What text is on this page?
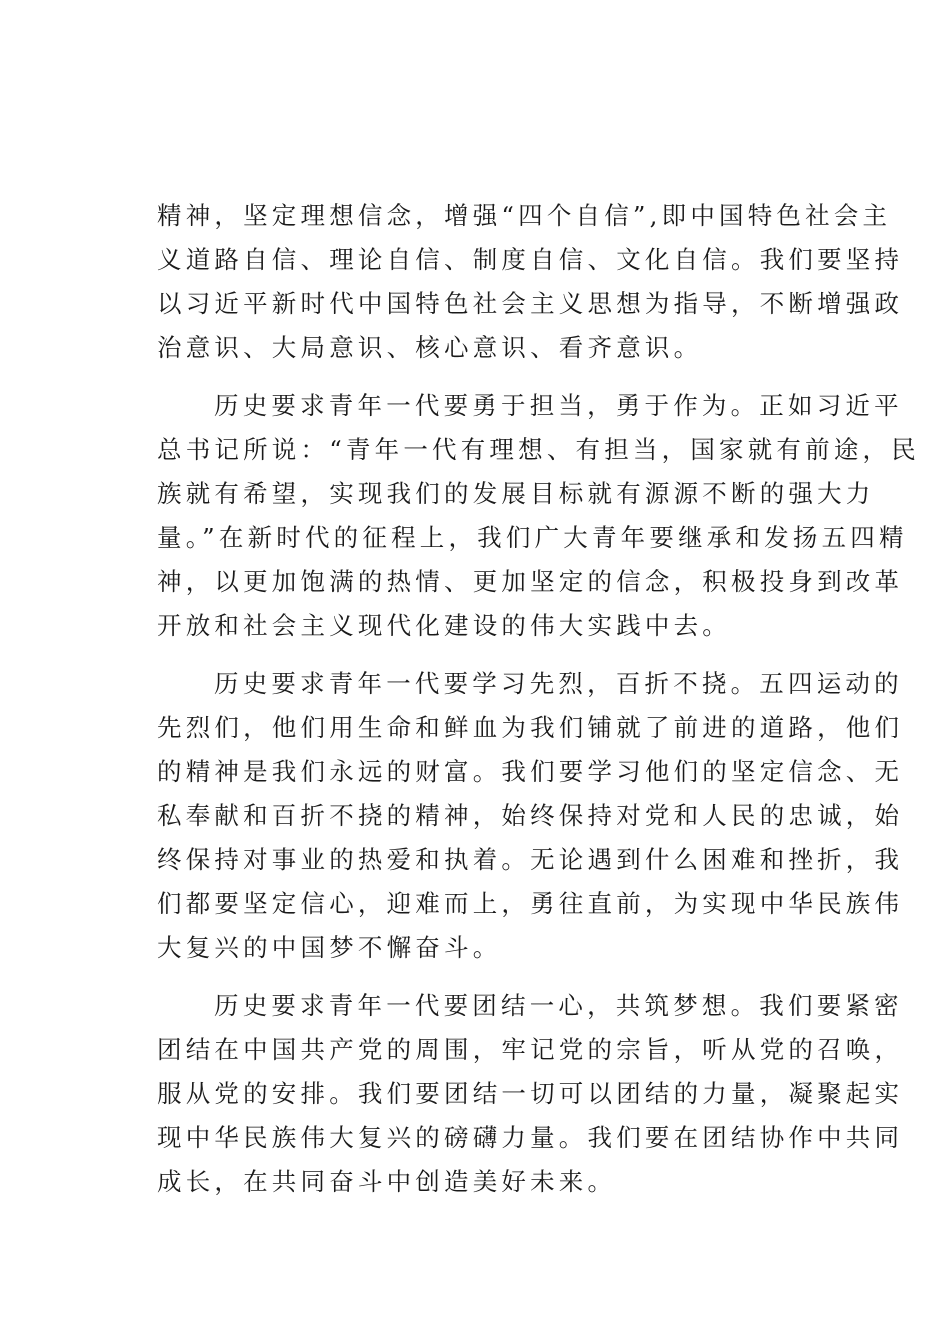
精神，坚定理想信念，增强“四个自信”,即中国特色社会主
义道路自信、理论自信、制度自信、文化自信。我们要坚持
以习近平新时代中国特色社会主义思想为指导，不断增强政
治意识、大局意识、核心意识、看齐意识。
历史要求青年一代要勇于担当，勇于作为。正如习近平
总书记所说：“青年一代有理想、有担当，国家就有前途，民
族就有希望，实现我们的发展目标就有源源不断的强大力
量。”在新时代的征程上，我们广大青年要继承和发扬五四精
神，以更加饱满的热情、更加坚定的信念，积极投身到改革
开放和社会主义现代化建设的伟大实践中去。
历史要求青年一代要学习先烈，百折不挠。五四运动的
先烈们，他们用生命和鲜血为我们铺就了前进的道路，他们
的精神是我们永远的财富。我们要学习他们的坚定信念、无
私奉献和百折不挠的精神，始终保持对党和人民的忠诚，始
终保持对事业的热爱和执着。无论遇到什么困难和挫折，我
们都要坚定信心，迎难而上，勇往直前，为实现中华民族伟
大复兴的中国梦不懈奋斗。
历史要求青年一代要团结一心，共筑梦想。我们要紧密
团结在中国共产党的周围，牢记党的宗旨，听从党的召唤，
服从党的安排。我们要团结一切可以团结的力量，凝聚起实
现中华民族伟大复兴的磅礴力量。我们要在团结协作中共同
成长，在共同奋斗中创造美好未来。
